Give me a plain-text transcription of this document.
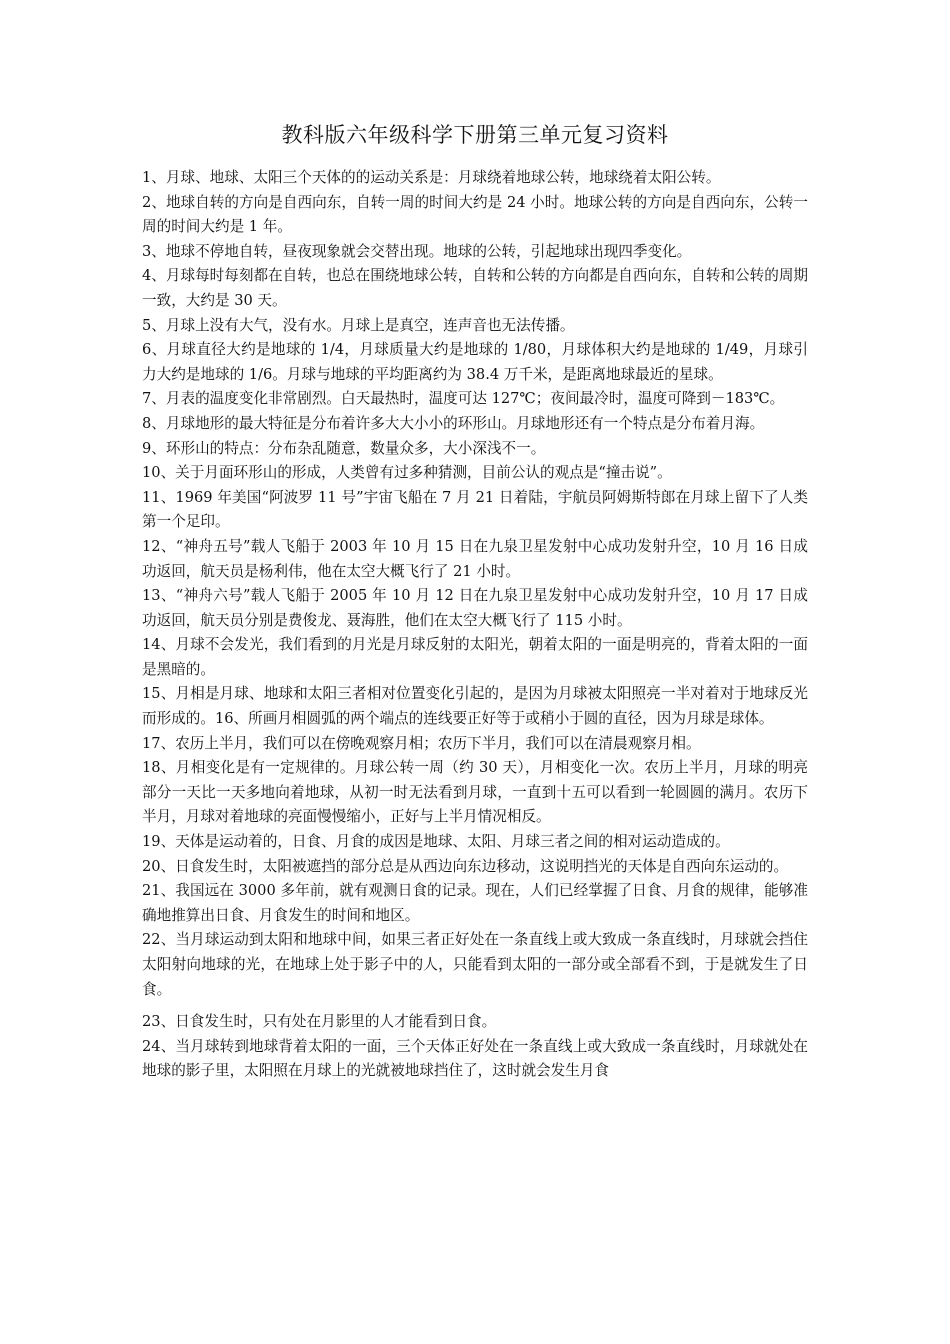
教科版六年级科学下册第三单元复习资料

1、月球、地球、太阳三个天体的的运动关系是：月球绕着地球公转，地球绕着太阳公转。

2、地球自转的方向是自西向东，自转一周的时间大约是 24 小时。地球公转的方向是自西向东，公转一周的时间大约是 1 年。

3、地球不停地自转，昼夜现象就会交替出现。地球的公转，引起地球出现四季变化。

4、月球每时每刻都在自转，也总在围绕地球公转，自转和公转的方向都是自西向东，自转和公转的周期一致，大约是 30 天。

5、月球上没有大气，没有水。月球上是真空，连声音也无法传播。

6、月球直径大约是地球的 1/4，月球质量大约是地球的 1/80，月球体积大约是地球的 1/49，月球引力大约是地球的 1/6。月球与地球的平均距离约为 38.4 万千米，是距离地球最近的星球。

7、月表的温度变化非常剧烈。白天最热时，温度可达 127℃；夜间最冷时，温度可降到－183℃。

8、月球地形的最大特征是分布着许多大大小小的环形山。月球地形还有一个特点是分布着月海。

9、环形山的特点：分布杂乱随意，数量众多，大小深浅不一。

10、关于月面环形山的形成，人类曾有过多种猜测，目前公认的观点是“撞击说”。

11、1969 年美国“阿波罗 11 号”宇宙飞船在 7 月 21 日着陆，宇航员阿姆斯特郎在月球上留下了人类第一个足印。

12、“神舟五号”载人飞船于 2003 年 10 月 15 日在九泉卫星发射中心成功发射升空，10 月 16 日成功返回，航天员是杨利伟，他在太空大概飞行了 21 小时。

13、“神舟六号”载人飞船于 2005 年 10 月 12 日在九泉卫星发射中心成功发射升空，10 月 17 日成功返回，航天员分别是费俊龙、聂海胜，他们在太空大概飞行了 115 小时。

14、月球不会发光，我们看到的月光是月球反射的太阳光，朝着太阳的一面是明亮的，背着太阳的一面是黑暗的。

15、月相是月球、地球和太阳三者相对位置变化引起的，是因为月球被太阳照亮一半对着对于地球反光而形成的。16、所画月相圆弧的两个端点的连线要正好等于或稍小于圆的直径，因为月球是球体。

17、农历上半月，我们可以在傍晚观察月相；农历下半月，我们可以在清晨观察月相。

18、月相变化是有一定规律的。月球公转一周（约 30 天），月相变化一次。农历上半月，月球的明亮部分一天比一天多地向着地球，从初一时无法看到月球，一直到十五可以看到一轮圆圆的满月。农历下半月，月球对着地球的亮面慢慢缩小，正好与上半月情况相反。

19、天体是运动着的，日食、月食的成因是地球、太阳、月球三者之间的相对运动造成的。

20、日食发生时，太阳被遮挡的部分总是从西边向东边移动，这说明挡光的天体是自西向东运动的。

21、我国远在 3000 多年前，就有观测日食的记录。现在，人们已经掌握了日食、月食的规律，能够准确地推算出日食、月食发生的时间和地区。

22、当月球运动到太阳和地球中间，如果三者正好处在一条直线上或大致成一条直线时，月球就会挡住太阳射向地球的光，在地球上处于影子中的人，只能看到太阳的一部分或全部看不到，于是就发生了日食。

23、日食发生时，只有处在月影里的人才能看到日食。

24、当月球转到地球背着太阳的一面，三个天体正好处在一条直线上或大致成一条直线时，月球就处在地球的影子里，太阳照在月球上的光就被地球挡住了，这时就会发生月食
